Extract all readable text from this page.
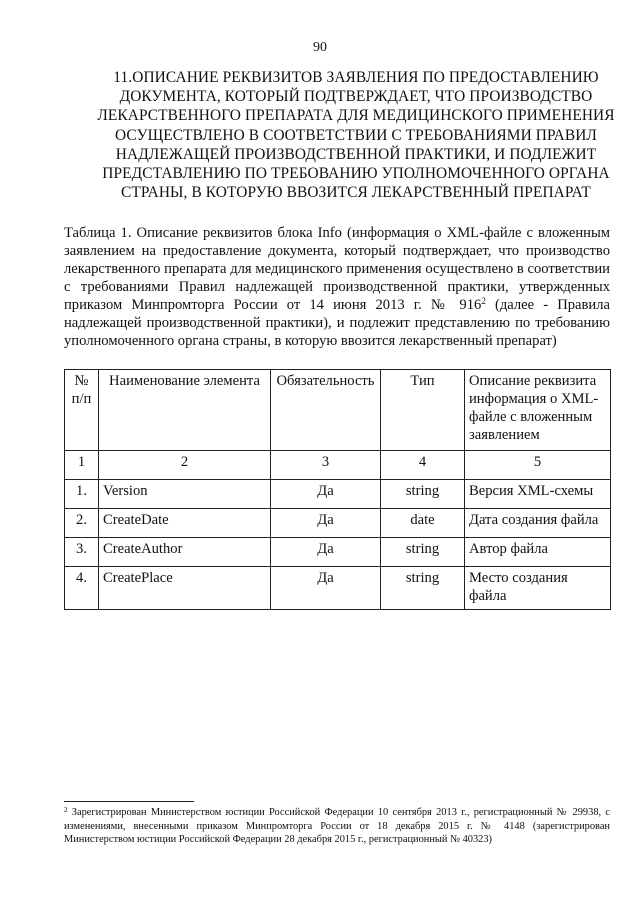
90
11.ОПИСАНИЕ РЕКВИЗИТОВ ЗАЯВЛЕНИЯ ПО ПРЕДОСТАВЛЕНИЮ ДОКУМЕНТА, КОТОРЫЙ ПОДТВЕРЖДАЕТ, ЧТО ПРОИЗВОДСТВО ЛЕКАРСТВЕННОГО ПРЕПАРАТА ДЛЯ МЕДИЦИНСКОГО ПРИМЕНЕНИЯ ОСУЩЕСТВЛЕНО В СООТВЕТСТВИИ С ТРЕБОВАНИЯМИ ПРАВИЛ НАДЛЕЖАЩЕЙ ПРОИЗВОДСТВЕННОЙ ПРАКТИКИ, И ПОДЛЕЖИТ ПРЕДСТАВЛЕНИЮ ПО ТРЕБОВАНИЮ УПОЛНОМОЧЕННОГО ОРГАНА СТРАНЫ, В КОТОРУЮ ВВОЗИТСЯ ЛЕКАРСТВЕННЫЙ ПРЕПАРАТ
Таблица 1. Описание реквизитов блока Info (информация о XML-файле с вложенным заявлением на предоставление документа, который подтверждает, что производство лекарственного препарата для медицинского применения осуществлено в соответствии с требованиями Правил надлежащей производственной практики, утвержденных приказом Минпромторга России от 14 июня 2013 г. № $916^2$ (далее - Правила надлежащей производственной практики), и подлежит представлению по требованию уполномоченного органа страны, в которую ввозится лекарственный препарат)
№ п/п	Наименование элемента	Обязательность	Тип	Описание реквизита информация о XML-файле с вложенным заявлением
1	2	3	4	5
1.	Version	Да	string	Версия XML-схемы
2.	CreateDate	Да	date	Дата создания файла
3.	CreateAuthor	Да	string	Автор файла
4.	CreatePlace	Да	string	Место создания файла
$^2$ Зарегистрирован Министерством юстиции Российской Федерации 10 сентября 2013 г., регистрационный № 29938, с изменениями, внесенными приказом Минпромторга России от 18 декабря 2015 г. № 4148 (зарегистрирован Министерством юстиции Российской Федерации 28 декабря 2015 г., регистрационный № 40323)
